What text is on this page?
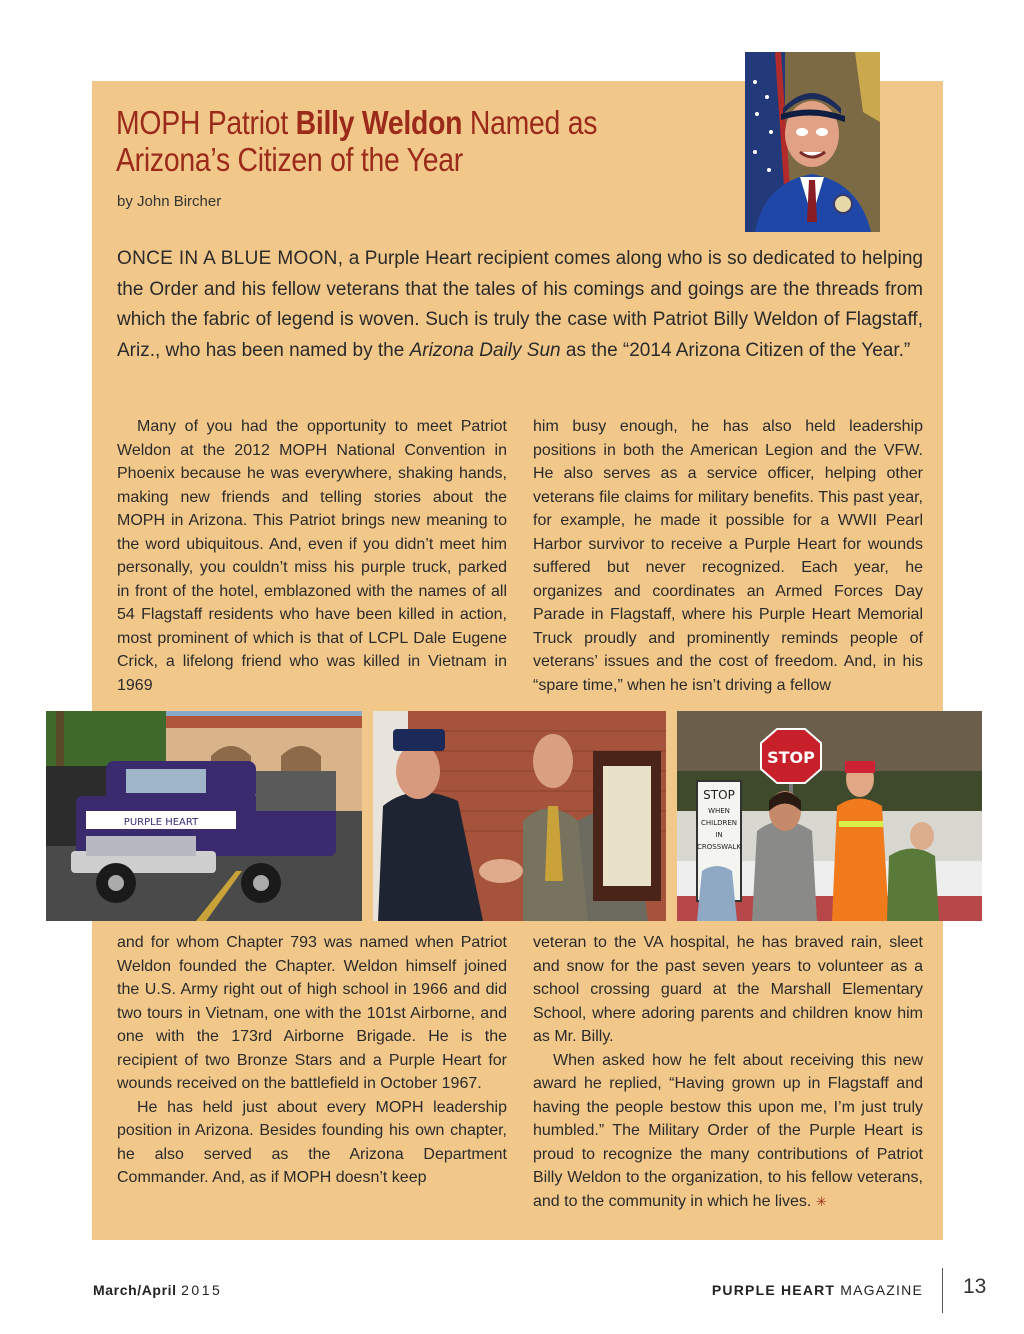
MOPH Patriot Billy Weldon Named as Arizona’s Citizen of the Year

by John Bircher

ONCE IN A BLUE MOON, a Purple Heart recipient comes along who is so dedicated to helping the Order and his fellow veterans that the tales of his comings and goings are the threads from which the fabric of legend is woven. Such is truly the case with Patriot Billy Weldon of Flagstaff, Ariz., who has been named by the Arizona Daily Sun as the “2014 Arizona Citizen of the Year.”

Many of you had the opportunity to meet Patriot Weldon at the 2012 MOPH National Convention in Phoenix because he was everywhere, shaking hands, making new friends and telling stories about the MOPH in Arizona. This Patriot brings new meaning to the word ubiquitous. And, even if you didn’t meet him personally, you couldn’t miss his purple truck, parked in front of the hotel, emblazoned with the names of all 54 Flagstaff residents who have been killed in action, most prominent of which is that of LCPL Dale Eugene Crick, a lifelong friend who was killed in Vietnam in 1969

him busy enough, he has also held leadership positions in both the American Legion and the VFW. He also serves as a service officer, helping other veterans file claims for military benefits. This past year, for example, he made it possible for a WWII Pearl Harbor survivor to receive a Purple Heart for wounds suffered but never recognized. Each year, he organizes and coordinates an Armed Forces Day Parade in Flagstaff, where his Purple Heart Memorial Truck proudly and prominently reminds people of veterans’ issues and the cost of freedom. And, in his “spare time,” when he isn’t driving a fellow

PURPLE HEART
STOP
WHEN
CHILDREN
IN
CROSSWALK
STOP

and for whom Chapter 793 was named when Patriot Weldon founded the Chapter. Weldon himself joined the U.S. Army right out of high school in 1966 and did two tours in Vietnam, one with the 101st Airborne, and one with the 173rd Airborne Brigade. He is the recipient of two Bronze Stars and a Purple Heart for wounds received on the battlefield in October 1967.

He has held just about every MOPH leadership position in Arizona. Besides founding his own chapter, he also served as the Arizona Department Commander. And, as if MOPH doesn’t keep

veteran to the VA hospital, he has braved rain, sleet and snow for the past seven years to volunteer as a school crossing guard at the Marshall Elementary School, where adoring parents and children know him as Mr. Billy.

When asked how he felt about receiving this new award he replied, “Having grown up in Flagstaff and having the people bestow this upon me, I’m just truly humbled.” The Military Order of the Purple Heart is proud to recognize the many contributions of Patriot Billy Weldon to the organization, to his fellow veterans, and to the community in which he lives. ✳

March/April 2015	PURPLE HEART MAGAZINE 13
